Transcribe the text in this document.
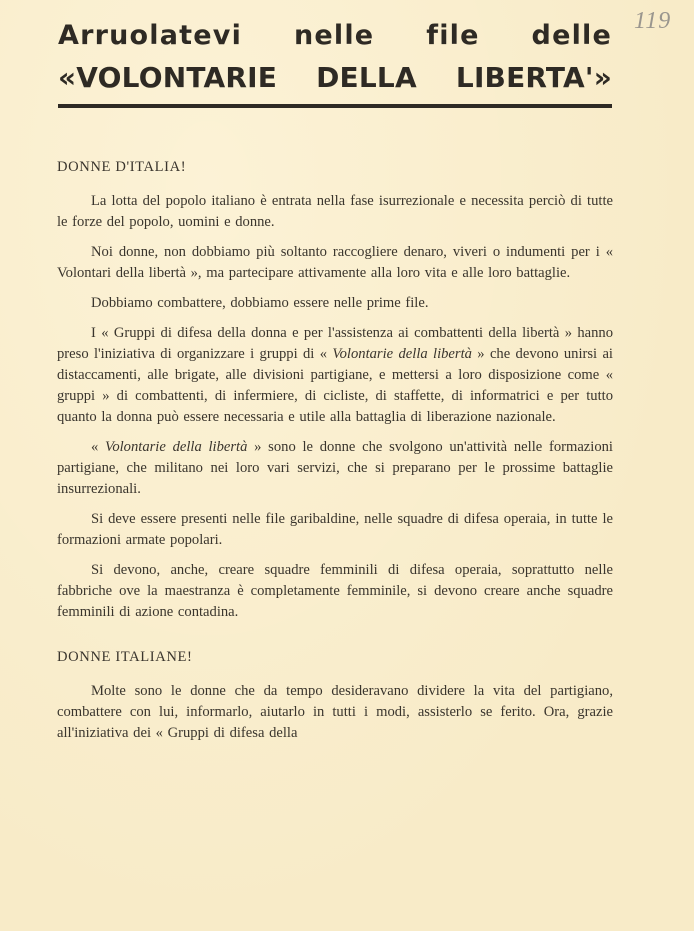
119
Arruolatevi nelle file delle
«VOLONTARIE DELLA LIBERTA'»
DONNE D'ITALIA!

La lotta del popolo italiano è entrata nella fase isurrezionale e necessita perciò di tutte le forze del popolo, uomini e donne.

Noi donne, non dobbiamo più soltanto raccogliere denaro, viveri o indumenti per i « Volontari della libertà », ma partecipare attivamente alla loro vita e alle loro battaglie.

Dobbiamo combattere, dobbiamo essere nelle prime file.

I « Gruppi di difesa della donna e per l'assistenza ai combattenti della libertà » hanno preso l'iniziativa di organizzare i gruppi di « Volontarie della libertà » che devono unirsi ai distaccamenti, alle brigate, alle divisioni partigiane, e mettersi a loro disposizione come « gruppi » di combattenti, di infermiere, di cicliste, di staffette, di informatrici e per tutto quanto la donna può essere necessaria e utile alla battaglia di liberazione nazionale.

« Volontarie della libertà » sono le donne che svolgono un'attività nelle formazioni partigiane, che militano nei loro vari servizi, che si preparano per le prossime battaglie insurrezionali.

Si deve essere presenti nelle file garibaldine, nelle squadre di difesa operaia, in tutte le formazioni armate popolari.

Si devono, anche, creare squadre femminili di difesa operaia, soprattutto nelle fabbriche ove la maestranza è completamente femminile, si devono creare anche squadre femminili di azione contadina.

DONNE ITALIANE!

Molte sono le donne che da tempo desideravano dividere la vita del partigiano, combattere con lui, informarlo, aiutarlo in tutti i modi, assisterlo se ferito. Ora, grazie all'iniziativa dei « Gruppi di difesa della
